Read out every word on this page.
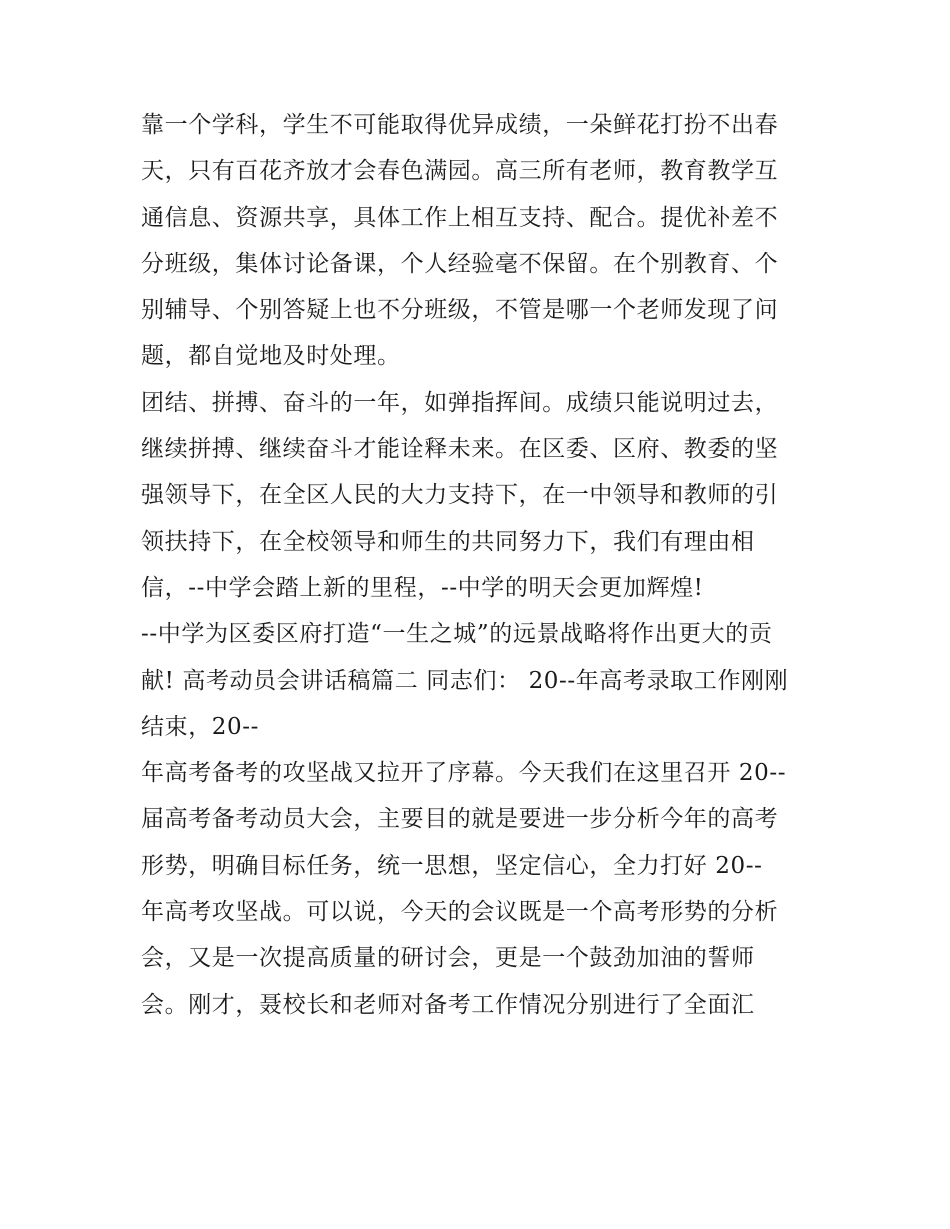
靠一个学科，学生不可能取得优异成绩，一朵鲜花打扮不出春
天，只有百花齐放才会春色满园。高三所有老师，教育教学互
通信息、资源共享，具体工作上相互支持、配合。提优补差不
分班级，集体讨论备课，个人经验毫不保留。在个别教育、个
别辅导、个别答疑上也不分班级，不管是哪一个老师发现了问
题，都自觉地及时处理。
团结、拼搏、奋斗的一年，如弹指挥间。成绩只能说明过去，
继续拼搏、继续奋斗才能诠释未来。在区委、区府、教委的坚
强领导下，在全区人民的大力支持下，在一中领导和教师的引
领扶持下，在全校领导和师生的共同努力下，我们有理由相
信，--中学会踏上新的里程，--中学的明天会更加辉煌!
--中学为区委区府打造“一生之城”的远景战略将作出更大的贡
献! 高考动员会讲话稿篇二 同志们： 20--年高考录取工作刚刚
结束，20--
年高考备考的攻坚战又拉开了序幕。今天我们在这里召开 20--
届高考备考动员大会，主要目的就是要进一步分析今年的高考
形势，明确目标任务，统一思想，坚定信心，全力打好 20--
年高考攻坚战。可以说，今天的会议既是一个高考形势的分析
会，又是一次提高质量的研讨会，更是一个鼓劲加油的誓师
会。刚才，聂校长和老师对备考工作情况分别进行了全面汇
